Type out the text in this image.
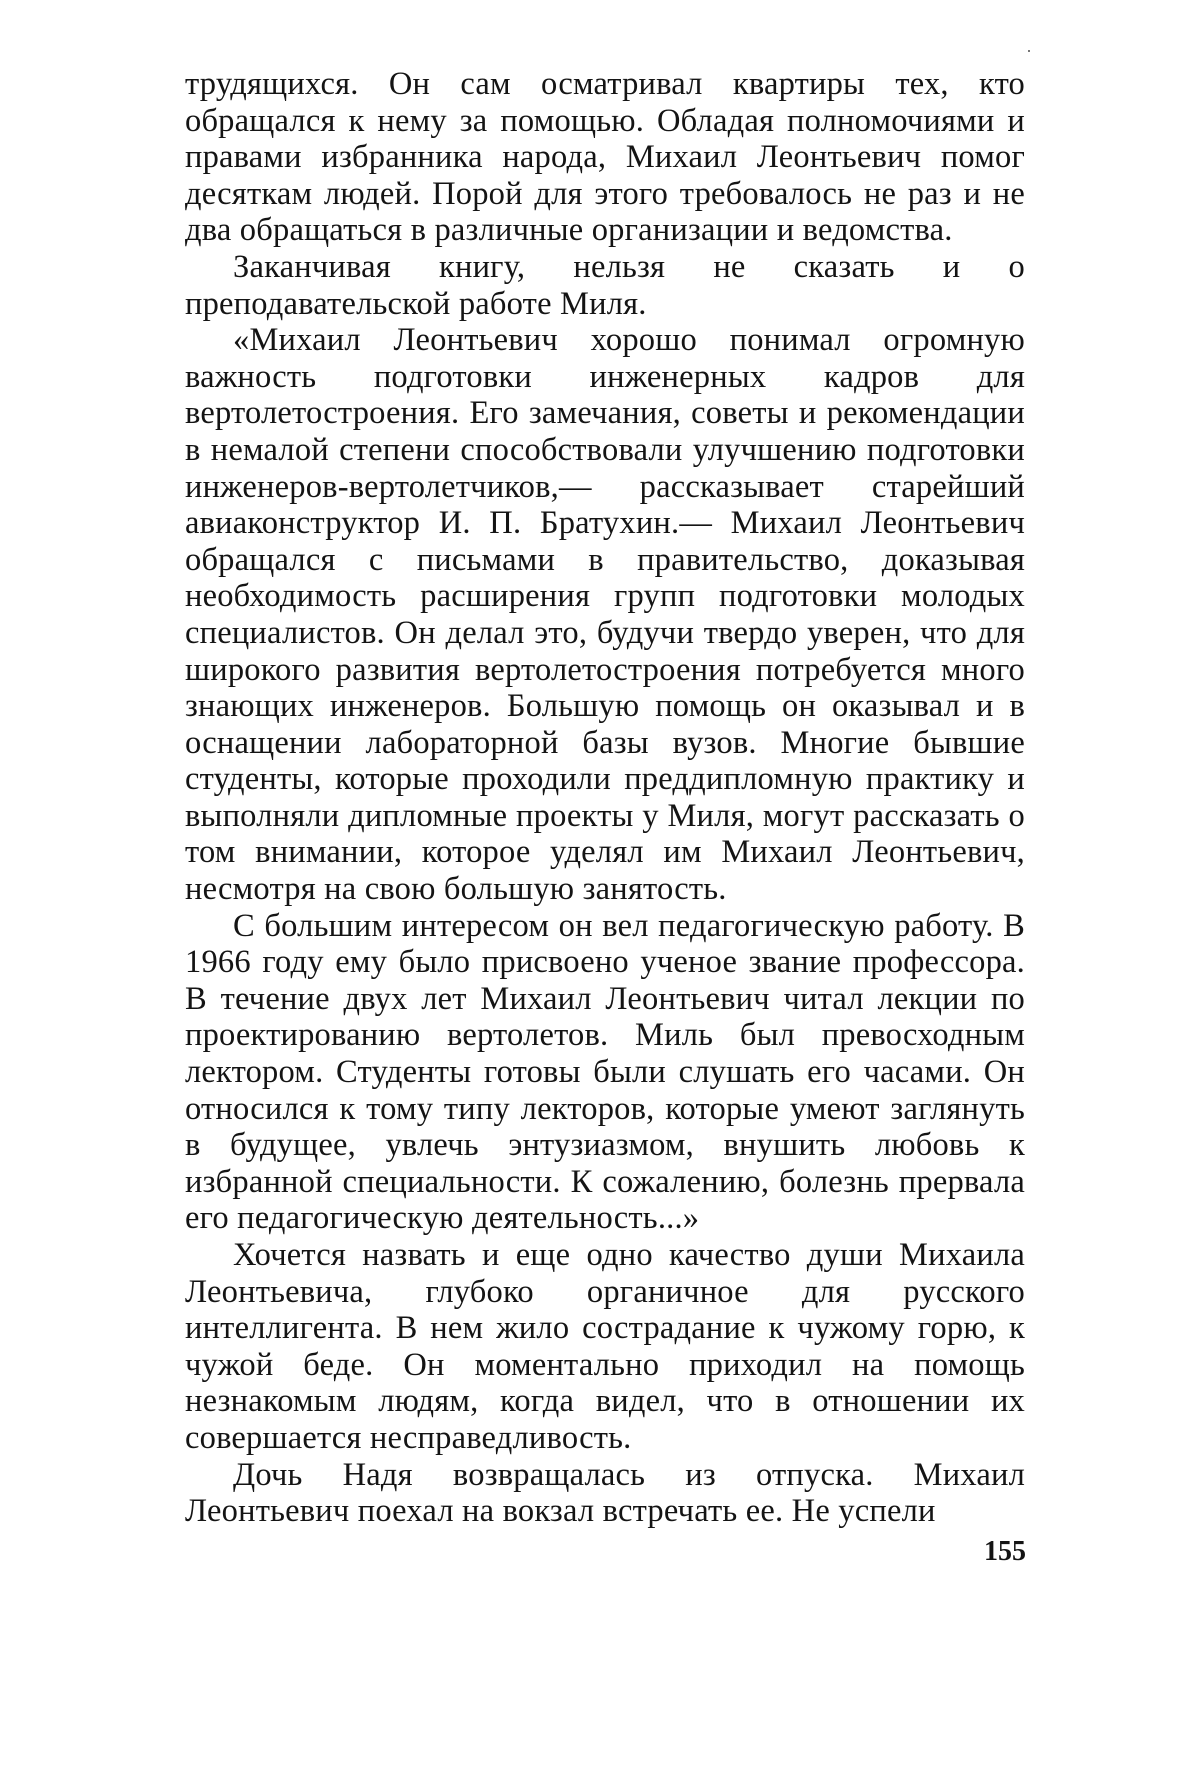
трудящихся. Он сам осматривал квартиры тех, кто обращался к нему за помощью. Обладая полномочиями и правами избранника народа, Михаил Леонтьевич помог десяткам людей. Порой для этого требовалось не раз и не два обращаться в различные организации и ведомства.

Заканчивая книгу, нельзя не сказать и о преподавательской работе Миля.

«Михаил Леонтьевич хорошо понимал огромную важность подготовки инженерных кадров для вертолетостроения. Его замечания, советы и рекомендации в немалой степени способствовали улучшению подготовки инженеров-вертолетчиков,— рассказывает старейший авиаконструктор И. П. Братухин.— Михаил Леонтьевич обращался с письмами в правительство, доказывая необходимость расширения групп подготовки молодых специалистов. Он делал это, будучи твердо уверен, что для широкого развития вертолетостроения потребуется много знающих инженеров. Большую помощь он оказывал и в оснащении лабораторной базы вузов. Многие бывшие студенты, которые проходили преддипломную практику и выполняли дипломные проекты у Миля, могут рассказать о том внимании, которое уделял им Михаил Леонтьевич, несмотря на свою большую занятость.

С большим интересом он вел педагогическую работу. В 1966 году ему было присвоено ученое звание профессора. В течение двух лет Михаил Леонтьевич читал лекции по проектированию вертолетов. Миль был превосходным лектором. Студенты готовы были слушать его часами. Он относился к тому типу лекторов, которые умеют заглянуть в будущее, увлечь энтузиазмом, внушить любовь к избранной специальности. К сожалению, болезнь прервала его педагогическую деятельность...»

Хочется назвать и еще одно качество души Михаила Леонтьевича, глубоко органичное для русского интеллигента. В нем жило сострадание к чужому горю, к чужой беде. Он моментально приходил на помощь незнакомым людям, когда видел, что в отношении их совершается несправедливость.

Дочь Надя возвращалась из отпуска. Михаил Леонтьевич поехал на вокзал встречать ее. Не успели

155
